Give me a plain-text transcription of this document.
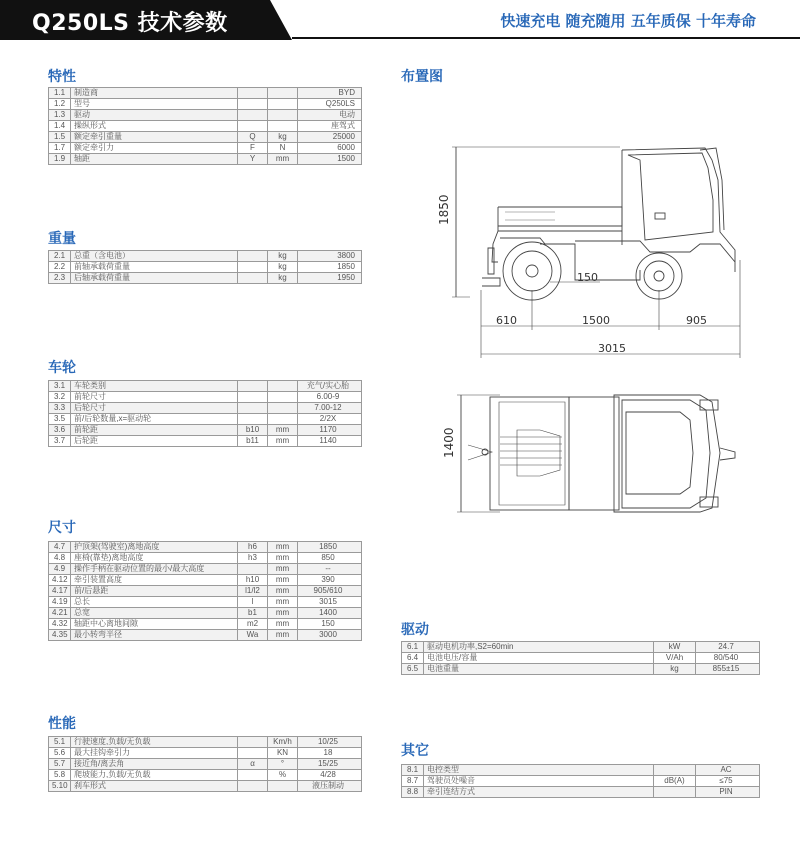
Q250LS 技术参数	快速充电 随充随用 五年质保 十年寿命
特性
1.1	制造商			BYD
1.2	型号			Q250LS
1.3	驱动			电动
1.4	操纵形式			座驾式
1.5	额定牵引重量	Q	kg	25000
1.7	额定牵引力	F	N	6000
1.9	轴距	Y	mm	1500
重量
2.1	总重（含电池）		kg	3800
2.2	前轴承载荷重量		kg	1850
2.3	后轴承载荷重量		kg	1950
车轮
3.1	车轮类别			充气/实心胎
3.2	前轮尺寸			6.00-9
3.3	后轮尺寸			7.00-12
3.5	前/后轮数量,x=驱动轮			2/2X
3.6	前轮距	b10	mm	1170
3.7	后轮距	b11	mm	1140
尺寸
4.7	护顶架(驾驶室)离地高度	h6	mm	1850
4.8	座椅(靠垫)离地高度	h3	mm	850
4.9	操作手柄在驱动位置的最小/最大高度		mm	--
4.12	牵引装置高度	h10	mm	390
4.17	前/后悬距	l1/l2	mm	905/610
4.19	总长	l	mm	3015
4.21	总宽	b1	mm	1400
4.32	轴距中心离地间隙	m2	mm	150
4.35	最小转弯半径	Wa	mm	3000
性能
5.1	行驶速度,负载/无负载		Km/h	10/25
5.6	最大挂钩牵引力		KN	18
5.7	接近角/离去角	α	°	15/25
5.8	爬坡能力,负载/无负载		%	4/28
5.10	刹车形式			液压制动
布置图
1850
150
610	1500	905
3015
1400
驱动
6.1	驱动电机功率,S2=60min	kW	24.7
6.4	电池电压/容量	V/Ah	80/540
6.5	电池重量	kg	855±15
其它
8.1	电控类型		AC
8.7	驾驶员处噪音	dB(A)	≤75
8.8	牵引连结方式		PIN
